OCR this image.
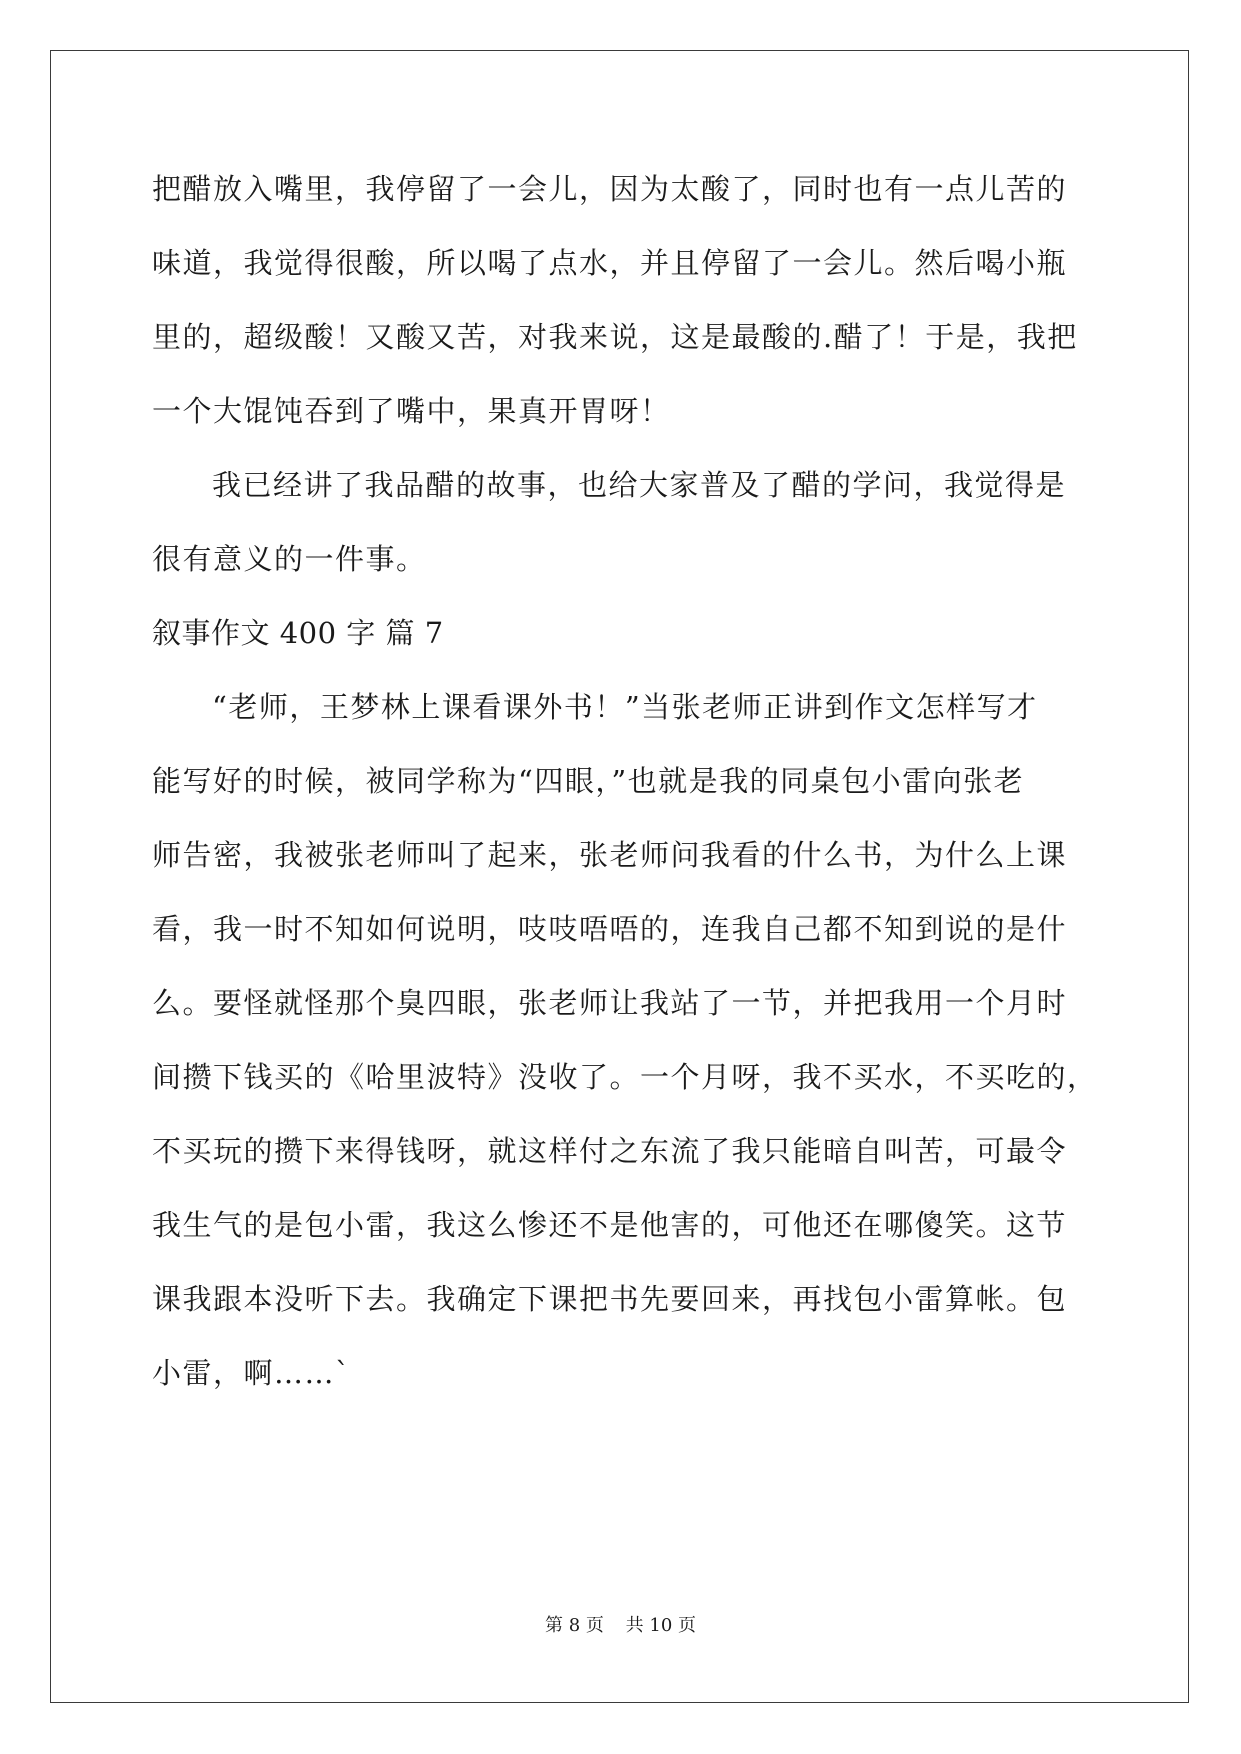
把醋放入嘴里，我停留了一会儿，因为太酸了，同时也有一点儿苦的
味道，我觉得很酸，所以喝了点水，并且停留了一会儿。然后喝小瓶
里的，超级酸！又酸又苦，对我来说，这是最酸的.醋了！于是，我把
一个大馄饨吞到了嘴中，果真开胃呀！
我已经讲了我品醋的故事，也给大家普及了醋的学问，我觉得是
很有意义的一件事。
叙事作文 400 字 篇 7
“老师，王梦林上课看课外书！”当张老师正讲到作文怎样写才
能写好的时候，被同学称为“四眼，”也就是我的同桌包小雷向张老
师告密，我被张老师叫了起来，张老师问我看的什么书，为什么上课
看，我一时不知如何说明，吱吱唔唔的，连我自己都不知到说的是什
么。要怪就怪那个臭四眼，张老师让我站了一节，并把我用一个月时
间攒下钱买的《哈里波特》没收了。一个月呀，我不买水，不买吃的，
不买玩的攒下来得钱呀，就这样付之东流了我只能暗自叫苦，可最令
我生气的是包小雷，我这么惨还不是他害的，可他还在哪傻笑。这节
课我跟本没听下去。我确定下课把书先要回来，再找包小雷算帐。包
小雷，啊……`
第 8 页 共 10 页
